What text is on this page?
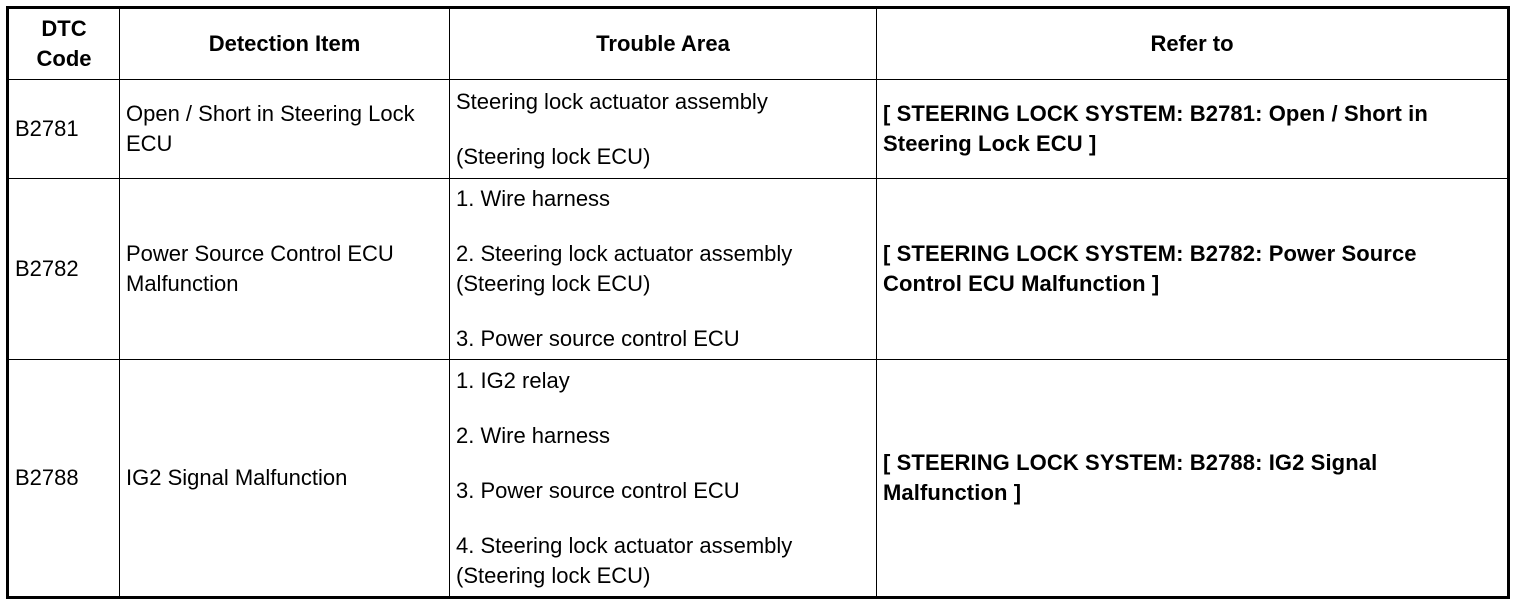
DTC
Code	Detection Item	Trouble Area	Refer to
B2781	Open / Short in Steering Lock ECU	Steering lock actuator assembly
(Steering lock ECU)	[ STEERING LOCK SYSTEM: B2781: Open / Short in Steering Lock ECU ]
B2782	Power Source Control ECU Malfunction	1. Wire harness
2. Steering lock actuator assembly
(Steering lock ECU)
3. Power source control ECU	[ STEERING LOCK SYSTEM: B2782: Power Source Control ECU Malfunction ]
B2788	IG2 Signal Malfunction	1. IG2 relay
2. Wire harness
3. Power source control ECU
4. Steering lock actuator assembly
(Steering lock ECU)	[ STEERING LOCK SYSTEM: B2788: IG2 Signal Malfunction ]
